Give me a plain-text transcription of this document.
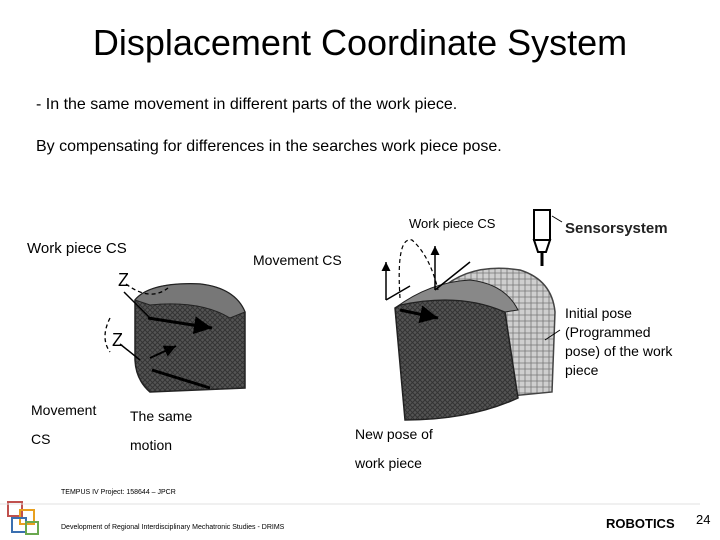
Displacement Coordinate System
- In the same movement in different parts of the work piece.
By compensating for differences in the searches work piece pose.
Z
Z
Work piece CS	Sensorsystem
Work piece CS
Movement CS
Initial pose (Programmed pose) of the work piece
Movement
CS
The same
motion
New pose of
work piece
TEMPUS IV Project: 158644 – JPCR
Development of Regional Interdisciplinary Mechatronic Studies - DRIMS	ROBOTICS 24
